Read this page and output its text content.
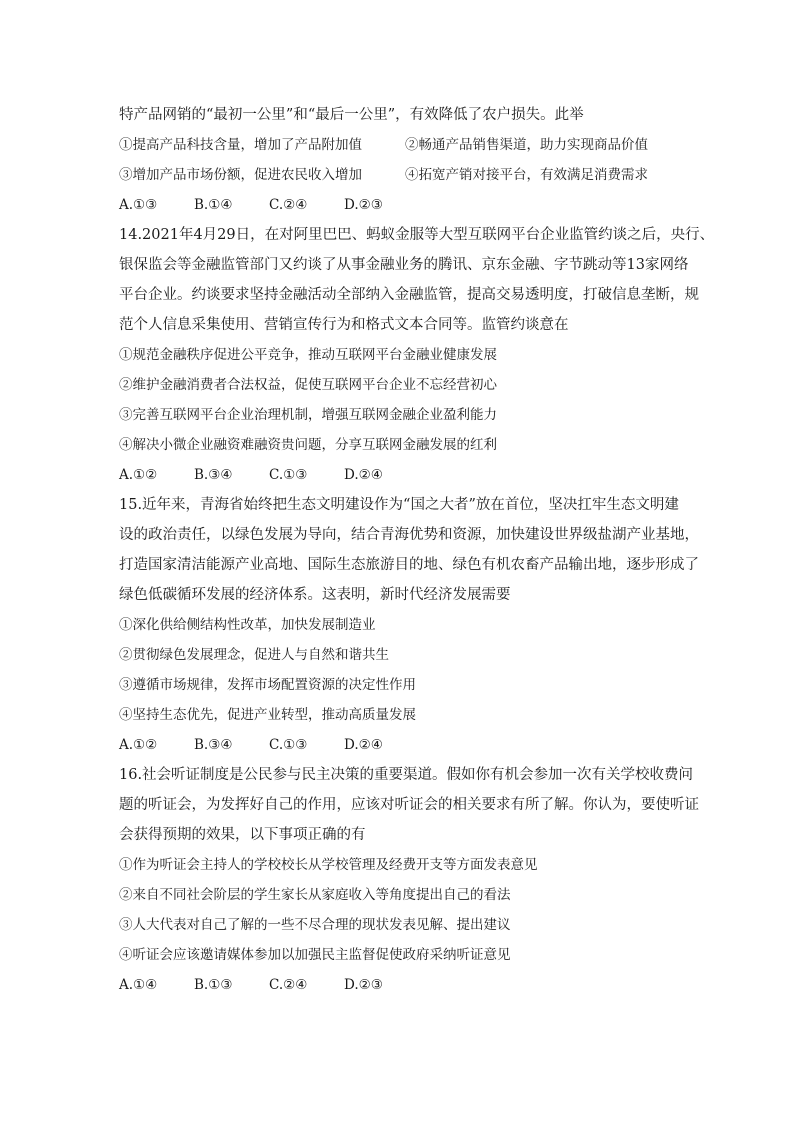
特产品网销的“最初一公里”和“最后一公里”，有效降低了农户损失。此举
①提高产品科技含量，增加了产品附加值	②畅通产品销售渠道，助力实现商品价值
③增加产品市场份额，促进农民收入增加	④拓宽产销对接平台，有效满足消费需求
A.①③	B.①④	C.②④	D.②③
14.2021年4月29日，在对阿里巴巴、蚂蚁金服等大型互联网平台企业监管约谈之后，央行、
银保监会等金融监管部门又约谈了从事金融业务的腾讯、京东金融、字节跳动等13家网络
平台企业。约谈要求坚持金融活动全部纳入金融监管，提高交易透明度，打破信息垄断，规
范个人信息采集使用、营销宣传行为和格式文本合同等。监管约谈意在
①规范金融秩序促进公平竞争，推动互联网平台金融业健康发展
②维护金融消费者合法权益，促使互联网平台企业不忘经营初心
③完善互联网平台企业治理机制，增强互联网金融企业盈利能力
④解决小微企业融资难融资贵问题，分享互联网金融发展的红利
A.①②	B.③④	C.①③	D.②④
15.近年来，青海省始终把生态文明建设作为“国之大者”放在首位，坚决扛牢生态文明建
设的政治责任，以绿色发展为导向，结合青海优势和资源，加快建设世界级盐湖产业基地，
打造国家清洁能源产业高地、国际生态旅游目的地、绿色有机农畜产品输出地，逐步形成了
绿色低碳循环发展的经济体系。这表明，新时代经济发展需要
①深化供给侧结构性改革，加快发展制造业
②贯彻绿色发展理念，促进人与自然和谐共生
③遵循市场规律，发挥市场配置资源的决定性作用
④坚持生态优先，促进产业转型，推动高质量发展
A.①②	B.③④	C.①③	D.②④
16.社会听证制度是公民参与民主决策的重要渠道。假如你有机会参加一次有关学校收费问
题的听证会，为发挥好自己的作用，应该对听证会的相关要求有所了解。你认为，要使听证
会获得预期的效果，以下事项正确的有
①作为听证会主持人的学校校长从学校管理及经费开支等方面发表意见
②来自不同社会阶层的学生家长从家庭收入等角度提出自己的看法
③人大代表对自己了解的一些不尽合理的现状发表见解、提出建议
④听证会应该邀请媒体参加以加强民主监督促使政府采纳听证意见
A.①④	B.①③	C.②④	D.②③
